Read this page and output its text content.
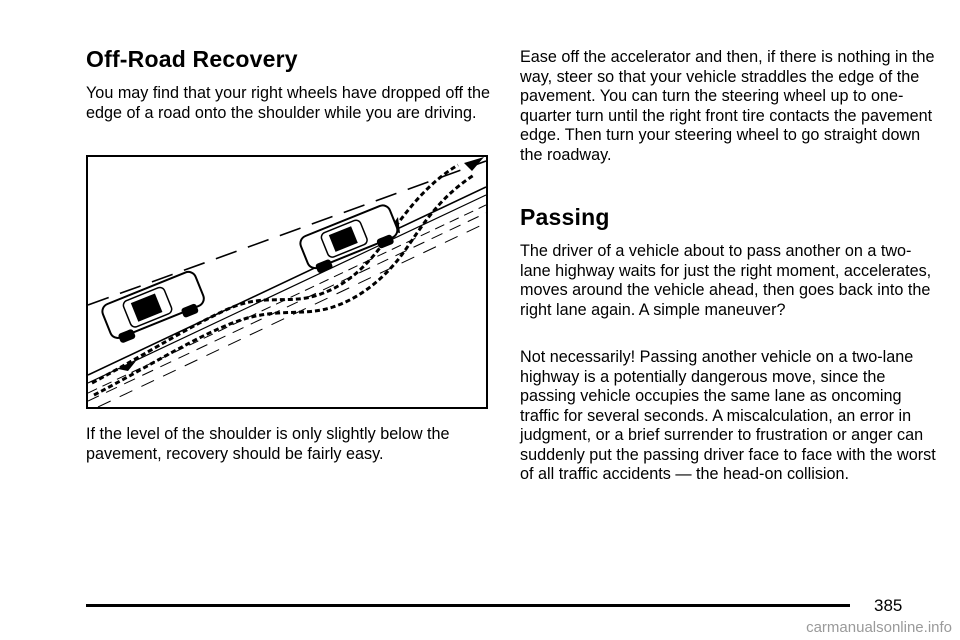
Off-Road Recovery

You may find that your right wheels have dropped off the edge of a road onto the shoulder while you are driving.

If the level of the shoulder is only slightly below the pavement, recovery should be fairly easy.

Ease off the accelerator and then, if there is nothing in the way, steer so that your vehicle straddles the edge of the pavement. You can turn the steering wheel up to one-quarter turn until the right front tire contacts the pavement edge. Then turn your steering wheel to go straight down the roadway.

Passing

The driver of a vehicle about to pass another on a two-lane highway waits for just the right moment, accelerates, moves around the vehicle ahead, then goes back into the right lane again. A simple maneuver?

Not necessarily! Passing another vehicle on a two-lane highway is a potentially dangerous move, since the passing vehicle occupies the same lane as oncoming traffic for several seconds. A miscalculation, an error in judgment, or a brief surrender to frustration or anger can suddenly put the passing driver face to face with the worst of all traffic accidents — the head-on collision.

385
carmanualsonline.info
